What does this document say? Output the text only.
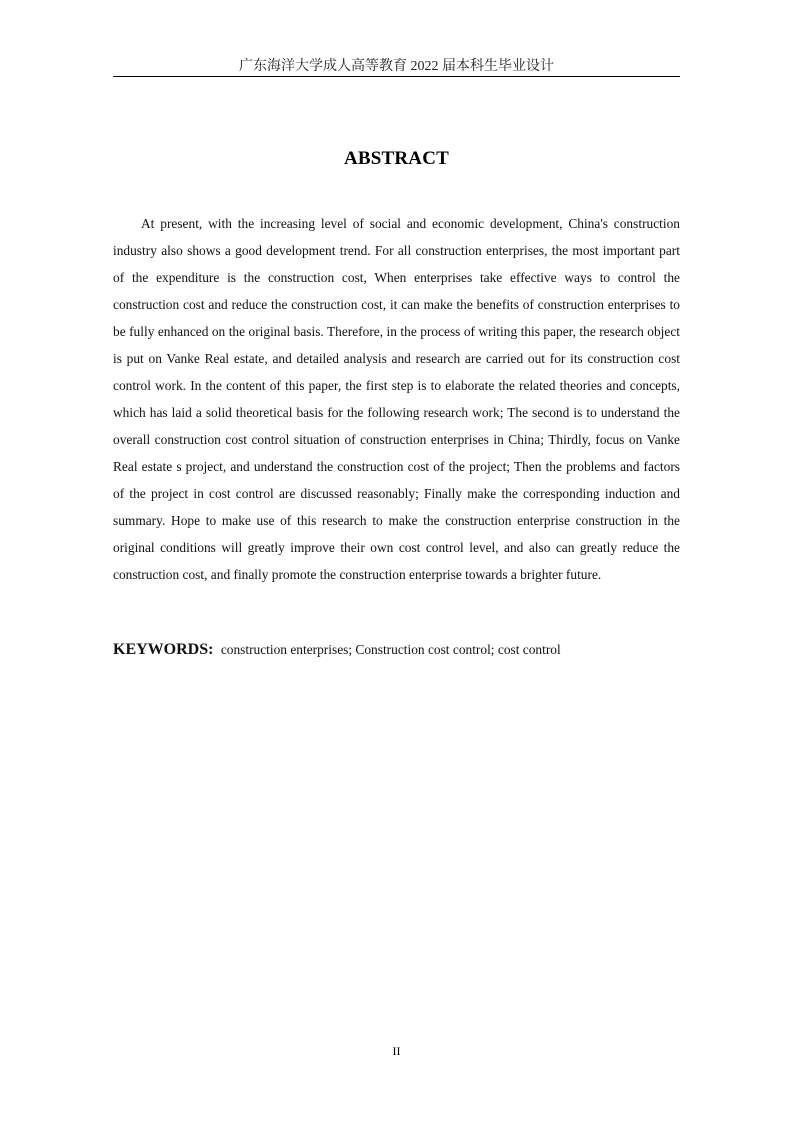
广东海洋大学成人高等教育 2022 届本科生毕业设计
ABSTRACT

At present, with the increasing level of social and economic development, China's construction industry also shows a good development trend. For all construction enterprises, the most important part of the expenditure is the construction cost, When enterprises take effective ways to control the construction cost and reduce the construction cost, it can make the benefits of construction enterprises to be fully enhanced on the original basis. Therefore, in the process of writing this paper, the research object is put on Vanke Real estate, and detailed analysis and research are carried out for its construction cost control work. In the content of this paper, the first step is to elaborate the related theories and concepts, which has laid a solid theoretical basis for the following research work; The second is to understand the overall construction cost control situation of construction enterprises in China; Thirdly, focus on Vanke Real estate s project, and understand the construction cost of the project; Then the problems and factors of the project in cost control are discussed reasonably; Finally make the corresponding induction and summary. Hope to make use of this research to make the construction enterprise construction in the original conditions will greatly improve their own cost control level, and also can greatly reduce the construction cost, and finally promote the construction enterprise towards a brighter future.

KEYWORDS: construction enterprises; Construction cost control; cost control
II
